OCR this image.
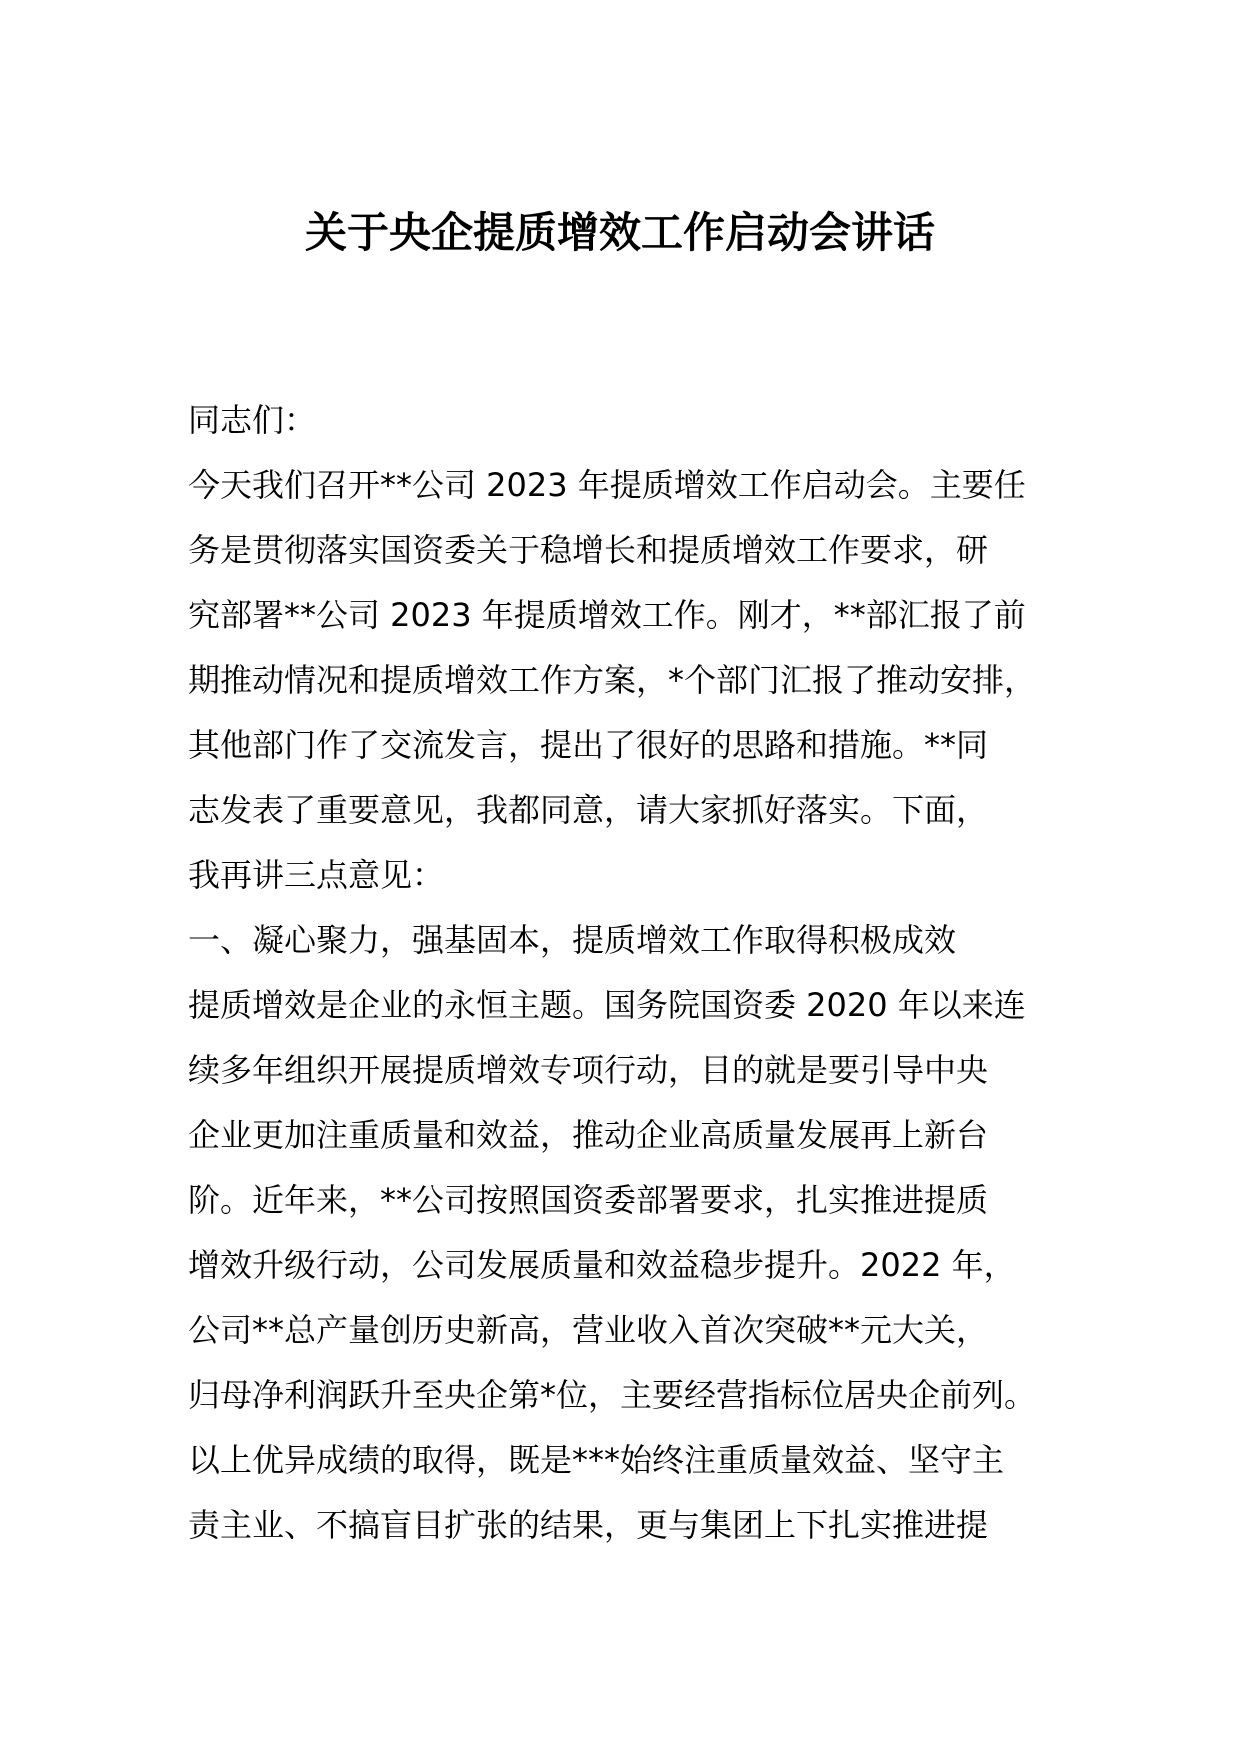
关于央企提质增效工作启动会讲话
同志们：
今天我们召开**公司 2023 年提质增效工作启动会。主要任
务是贯彻落实国资委关于稳增长和提质增效工作要求，研
究部署**公司 2023 年提质增效工作。刚才，**部汇报了前
期推动情况和提质增效工作方案，*个部门汇报了推动安排，
其他部门作了交流发言，提出了很好的思路和措施。**同
志发表了重要意见，我都同意，请大家抓好落实。下面，
我再讲三点意见：
一、凝心聚力，强基固本，提质增效工作取得积极成效
提质增效是企业的永恒主题。国务院国资委 2020 年以来连
续多年组织开展提质增效专项行动，目的就是要引导中央
企业更加注重质量和效益，推动企业高质量发展再上新台
阶。近年来，**公司按照国资委部署要求，扎实推进提质
增效升级行动，公司发展质量和效益稳步提升。2022 年，
公司**总产量创历史新高，营业收入首次突破**元大关，
归母净利润跃升至央企第*位，主要经营指标位居央企前列。
以上优异成绩的取得，既是***始终注重质量效益、坚守主
责主业、不搞盲目扩张的结果，更与集团上下扎实推进提
